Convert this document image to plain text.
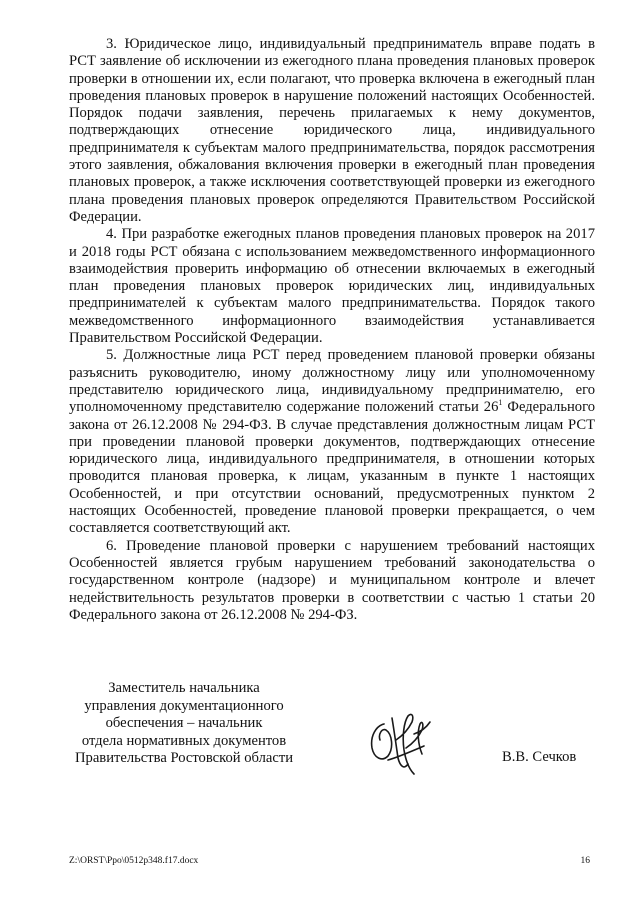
3. Юридическое лицо, индивидуальный предприниматель вправе подать в РСТ заявление об исключении из ежегодного плана проведения плановых проверок проверки в отношении их, если полагают, что проверка включена в ежегодный план проведения плановых проверок в нарушение положений настоящих Особенностей. Порядок подачи заявления, перечень прилагаемых к нему документов, подтверждающих отнесение юридического лица, индивидуального предпринимателя к субъектам малого предпринимательства, порядок рассмотрения этого заявления, обжалования включения проверки в ежегодный план проведения плановых проверок, а также исключения соответствующей проверки из ежегодного плана проведения плановых проверок определяются Правительством Российской Федерации.

4. При разработке ежегодных планов проведения плановых проверок на 2017 и 2018 годы РСТ обязана с использованием межведомственного информационного взаимодействия проверить информацию об отнесении включаемых в ежегодный план проведения плановых проверок юридических лиц, индивидуальных предпринимателей к субъектам малого предпринимательства. Порядок такого межведомственного информационного взаимодействия устанавливается Правительством Российской Федерации.

5. Должностные лица РСТ перед проведением плановой проверки обязаны разъяснить руководителю, иному должностному лицу или уполномоченному представителю юридического лица, индивидуальному предпринимателю, его уполномоченному представителю содержание положений статьи $26^1$ Федерального закона от 26.12.2008 № 294-ФЗ. В случае представления должностным лицам РСТ при проведении плановой проверки документов, подтверждающих отнесение юридического лица, индивидуального предпринимателя, в отношении которых проводится плановая проверка, к лицам, указанным в пункте 1 настоящих Особенностей, и при отсутствии оснований, предусмотренных пунктом 2 настоящих Особенностей, проведение плановой проверки прекращается, о чем составляется соответствующий акт.

6. Проведение плановой проверки с нарушением требований настоящих Особенностей является грубым нарушением требований законодательства о государственном контроле (надзоре) и муниципальном контроле и влечет недействительность результатов проверки в соответствии с частью 1 статьи 20 Федерального закона от 26.12.2008 № 294-ФЗ.

Заместитель начальника
управления документационного
обеспечения – начальник
отдела нормативных документов
Правительства Ростовской области	В.В. Сечков
Z:\ORST\Ppo\0512p348.f17.docx	16
